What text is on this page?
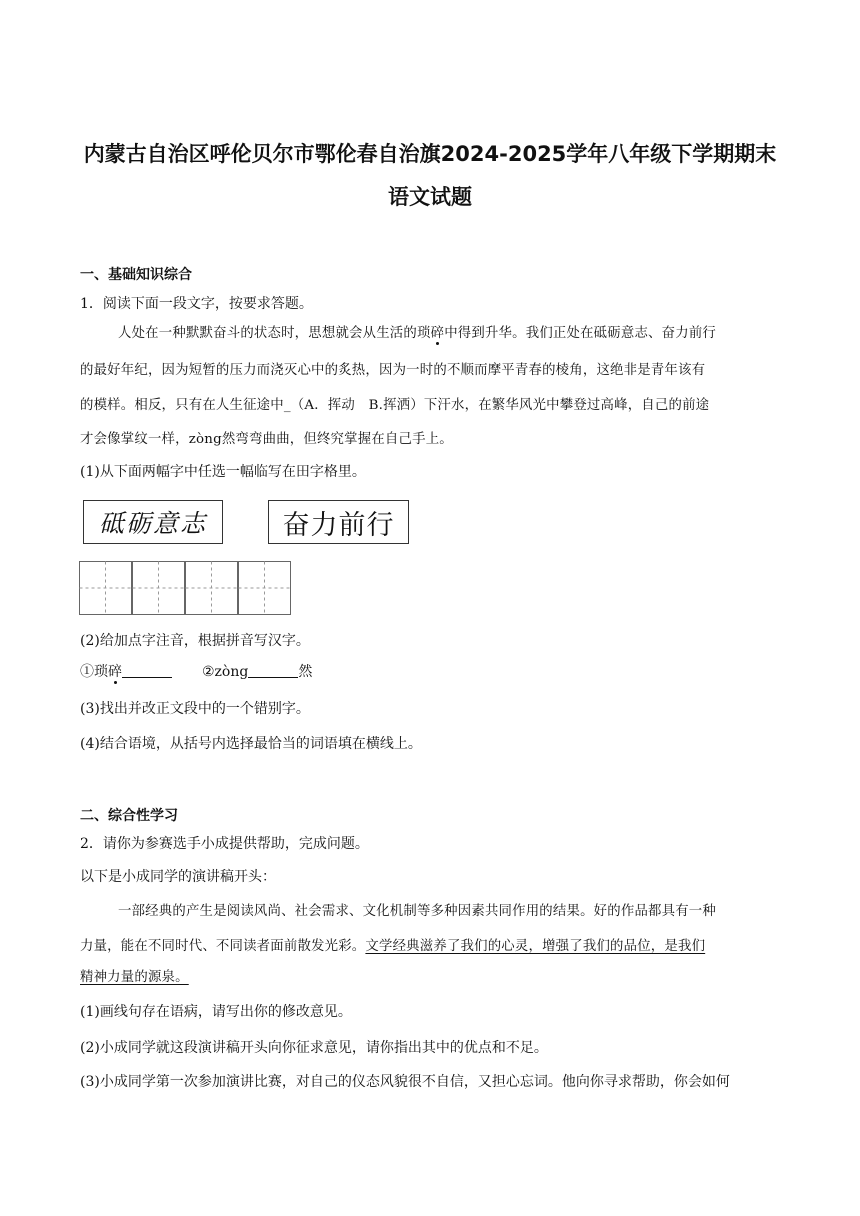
内蒙古自治区呼伦贝尔市鄂伦春自治旗2024-2025学年八年级下学期期末
语文试题
一、基础知识综合
1．阅读下面一段文字，按要求答题。
人处在一种默默奋斗的状态时，思想就会从生活的琐碎中得到升华。我们正处在砥砺意志、奋力前行
的最好年纪，因为短暂的压力而浇灭心中的炙热，因为一时的不顺而摩平青春的棱角，这绝非是青年该有
的模样。相反，只有在人生征途中_（A．挥动　B.挥洒）下汗水，在繁华风光中攀登过高峰，自己的前途
才会像掌纹一样，zòng然弯弯曲曲，但终究掌握在自己手上。
(1)从下面两幅字中任选一幅临写在田字格里。
砥砺意志	奋力前行
(2)给加点字注音，根据拼音写汉字。
①琐碎	②zòng	然
(3)找出并改正文段中的一个错别字。
(4)结合语境，从括号内选择最恰当的词语填在横线上。
二、综合性学习
2．请你为参赛选手小成提供帮助，完成问题。
以下是小成同学的演讲稿开头：
一部经典的产生是阅读风尚、社会需求、文化机制等多种因素共同作用的结果。好的作品都具有一种
力量，能在不同时代、不同读者面前散发光彩。文学经典滋养了我们的心灵，增强了我们的品位，是我们
精神力量的源泉。
(1)画线句存在语病，请写出你的修改意见。
(2)小成同学就这段演讲稿开头向你征求意见，请你指出其中的优点和不足。
(3)小成同学第一次参加演讲比赛，对自己的仪态风貌很不自信，又担心忘词。他向你寻求帮助，你会如何
